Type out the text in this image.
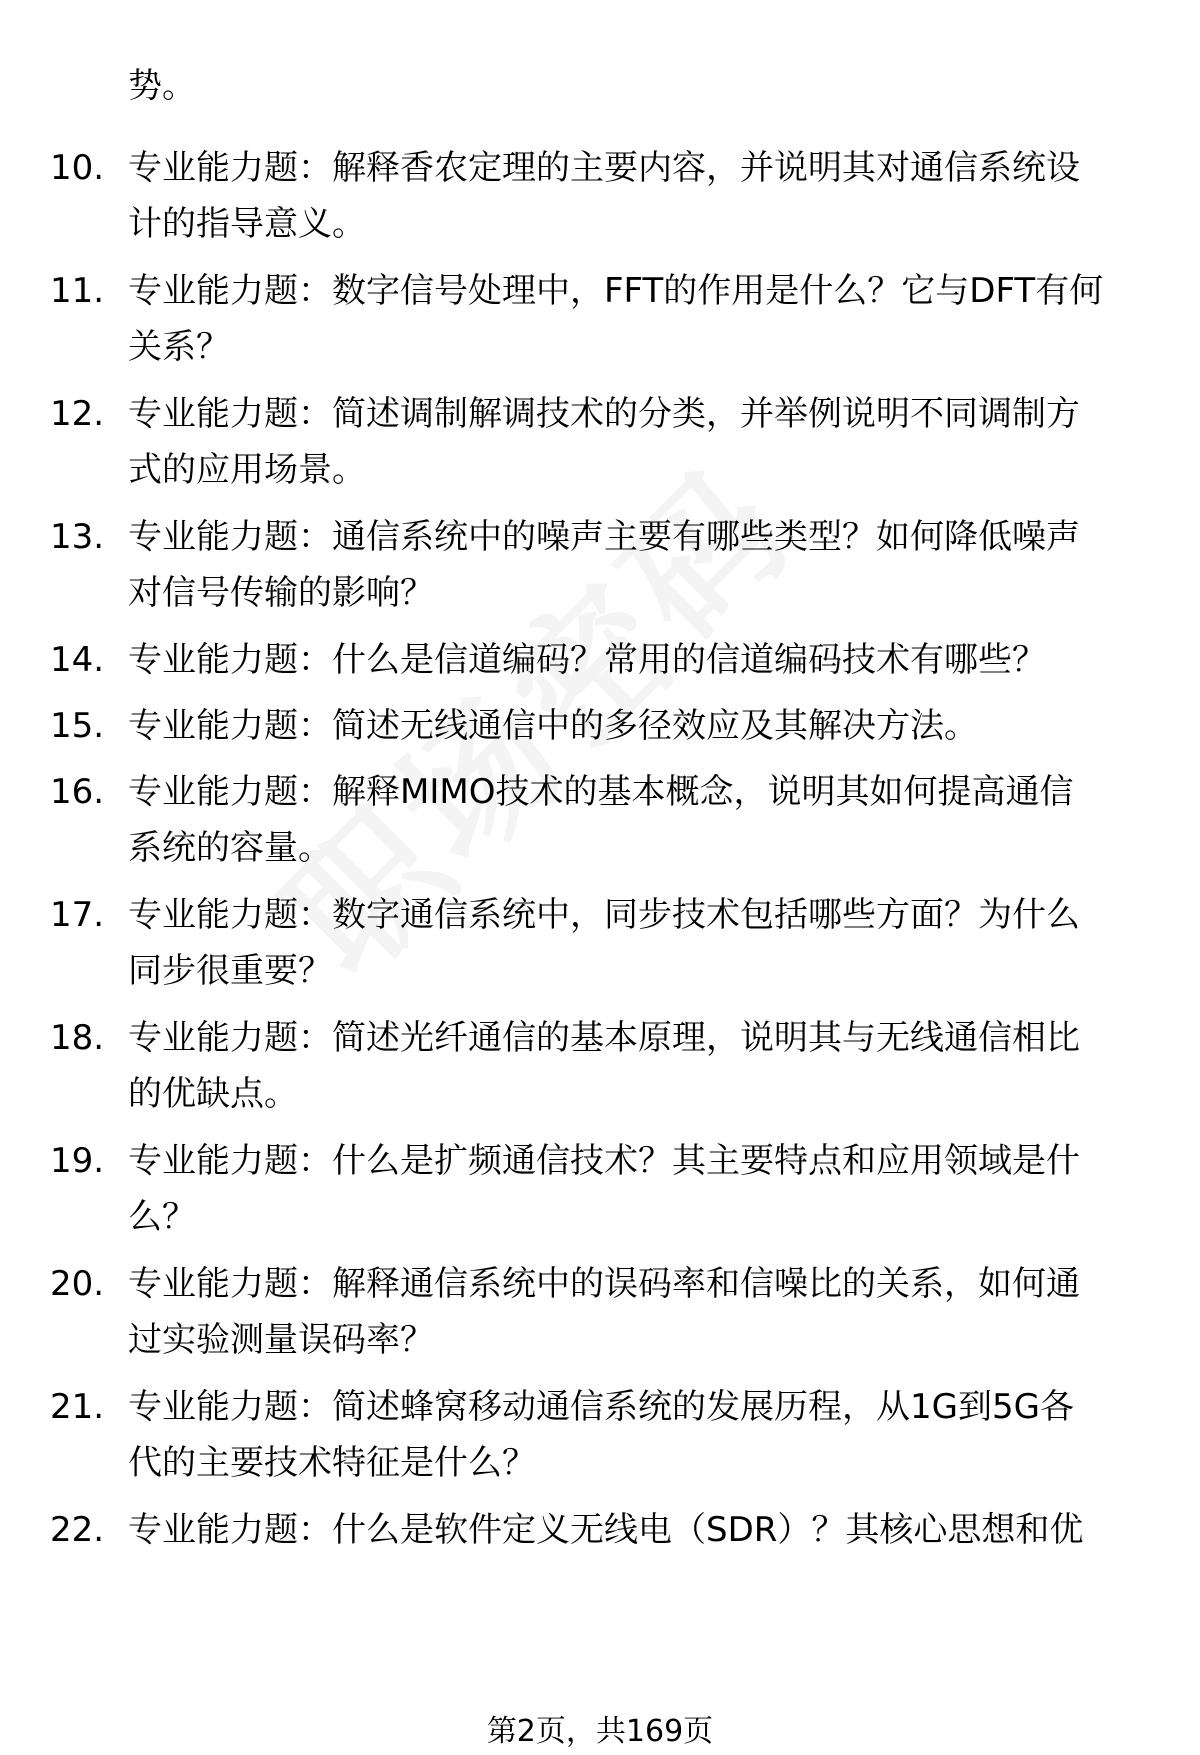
势。
10. 专业能力题：解释香农定理的主要内容，并说明其对通信系统设
计的指导意义。
11. 专业能力题：数字信号处理中，FFT的作用是什么？它与DFT有何
关系？
12. 专业能力题：简述调制解调技术的分类，并举例说明不同调制方
式的应用场景。
13. 专业能力题：通信系统中的噪声主要有哪些类型？如何降低噪声
对信号传输的影响？
14. 专业能力题：什么是信道编码？常用的信道编码技术有哪些？
15. 专业能力题：简述无线通信中的多径效应及其解决方法。
16. 专业能力题：解释MIMO技术的基本概念，说明其如何提高通信
系统的容量。
17. 专业能力题：数字通信系统中，同步技术包括哪些方面？为什么
同步很重要？
18. 专业能力题：简述光纤通信的基本原理，说明其与无线通信相比
的优缺点。
19. 专业能力题：什么是扩频通信技术？其主要特点和应用领域是什
么？
20. 专业能力题：解释通信系统中的误码率和信噪比的关系，如何通
过实验测量误码率？
21. 专业能力题：简述蜂窝移动通信系统的发展历程，从1G到5G各
代的主要技术特征是什么？
22. 专业能力题：什么是软件定义无线电（SDR）？其核心思想和优
第2页，共169页
